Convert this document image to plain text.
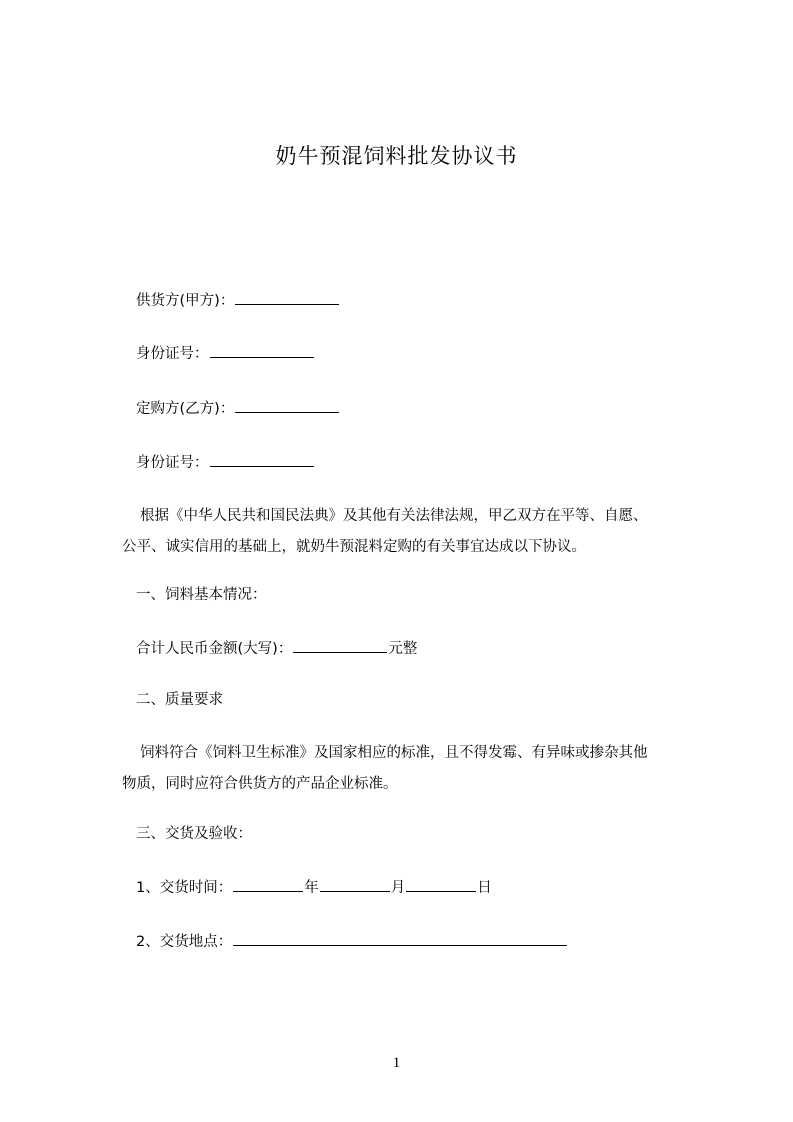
奶牛预混饲料批发协议书
供货方(甲方)：
身份证号：
定购方(乙方)：
身份证号：
根据《中华人民共和国民法典》及其他有关法律法规，甲乙双方在平等、自愿、
公平、诚实信用的基础上，就奶牛预混料定购的有关事宜达成以下协议。
一、饲料基本情况：
合计人民币金额(大写)：	元整
二、质量要求
饲料符合《饲料卫生标准》及国家相应的标准，且不得发霉、有异味或掺杂其他
物质，同时应符合供货方的产品企业标准。
三、交货及验收：
1、交货时间：	年	月	日
2、交货地点：
1
